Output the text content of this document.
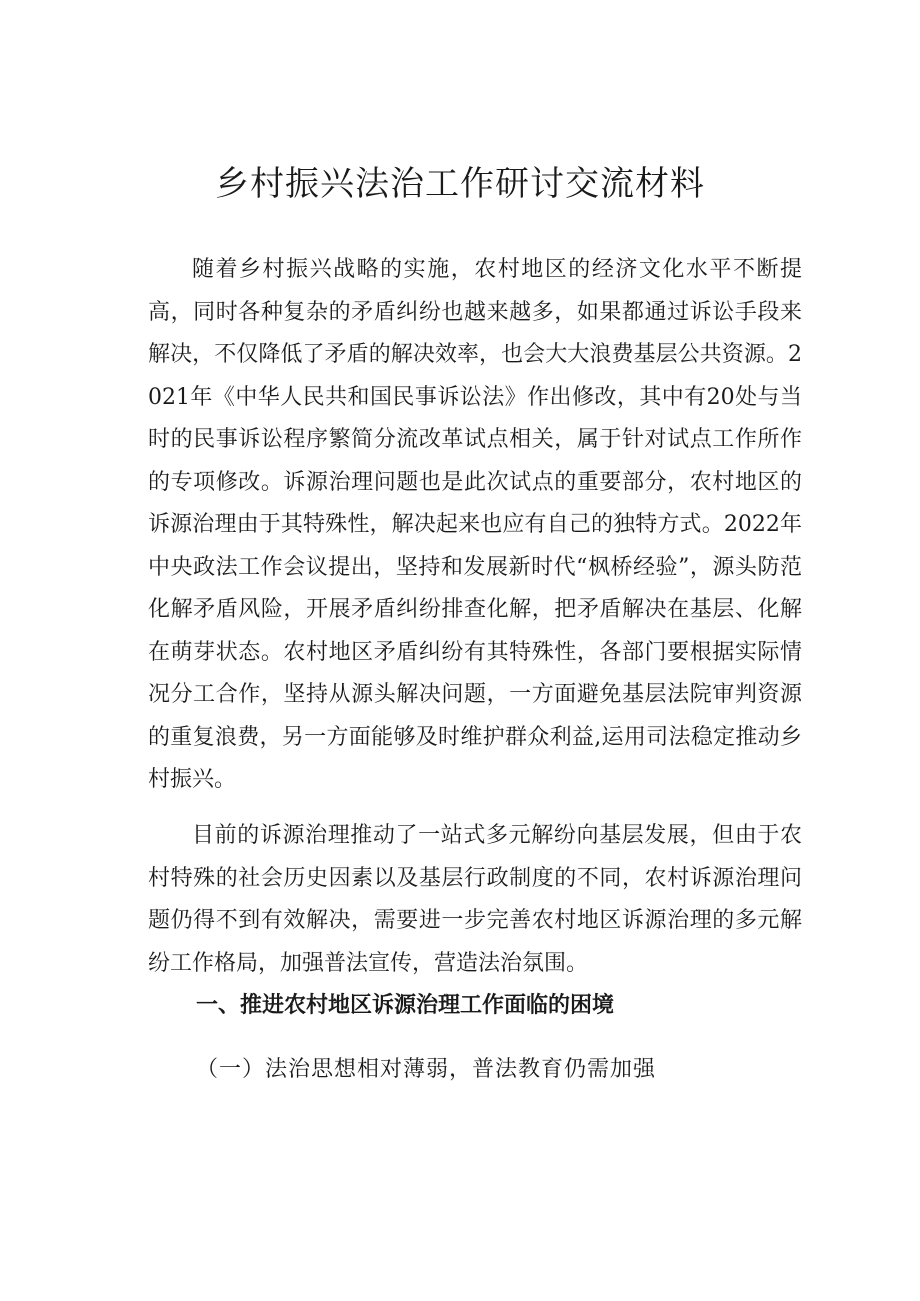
乡村振兴法治工作研讨交流材料
随着乡村振兴战略的实施，农村地区的经济文化水平不断提高，同时各种复杂的矛盾纠纷也越来越多，如果都通过诉讼手段来解决，不仅降低了矛盾的解决效率，也会大大浪费基层公共资源。2021年《中华人民共和国民事诉讼法》作出修改，其中有20处与当时的民事诉讼程序繁简分流改革试点相关，属于针对试点工作所作的专项修改。诉源治理问题也是此次试点的重要部分，农村地区的诉源治理由于其特殊性，解决起来也应有自己的独特方式。2022年中央政法工作会议提出，坚持和发展新时代“枫桥经验”，源头防范化解矛盾风险，开展矛盾纠纷排查化解，把矛盾解决在基层、化解在萌芽状态。农村地区矛盾纠纷有其特殊性，各部门要根据实际情况分工合作，坚持从源头解决问题，一方面避免基层法院审判资源的重复浪费，另一方面能够及时维护群众利益,运用司法稳定推动乡村振兴。
目前的诉源治理推动了一站式多元解纷向基层发展，但由于农村特殊的社会历史因素以及基层行政制度的不同，农村诉源治理问题仍得不到有效解决，需要进一步完善农村地区诉源治理的多元解纷工作格局，加强普法宣传，营造法治氛围。
一、推进农村地区诉源治理工作面临的困境
（一）法治思想相对薄弱，普法教育仍需加强
